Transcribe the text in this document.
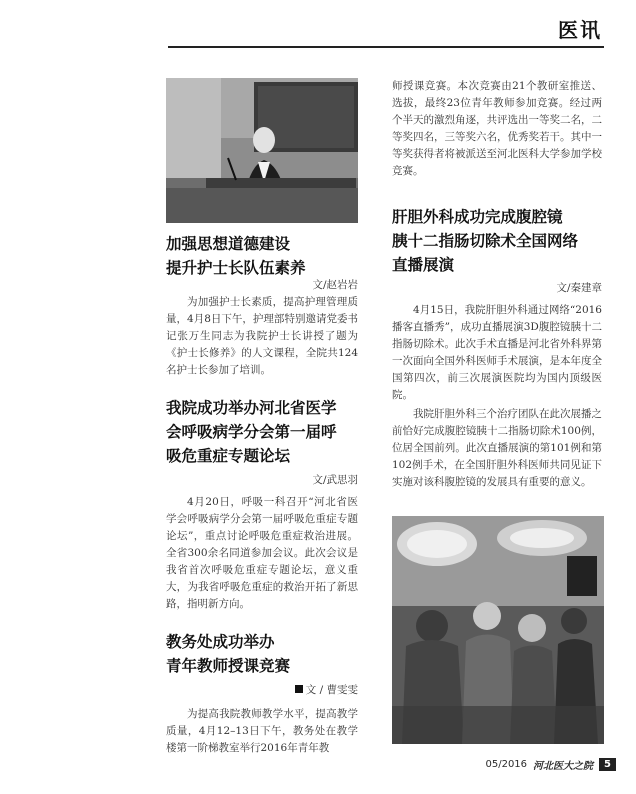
医讯
加强思想道德建设
提升护士长队伍素养
文/赵岩岩
为加强护士长素质，提高护理管理质量，4月8日下午，护理部特别邀请党委书记张万生同志为我院护士长讲授了题为《护士长修养》的人文课程，全院共124名护士长参加了培训。
我院成功举办河北省医学
会呼吸病学分会第一届呼
吸危重症专题论坛
文/武思羽
4月20日，呼吸一科召开“河北省医学会呼吸病学分会第一届呼吸危重症专题论坛”，重点讨论呼吸危重症救治进展。全省300余名同道参加会议。此次会议是我省首次呼吸危重症专题论坛，意义重大，为我省呼吸危重症的救治开拓了新思路，指明新方向。
教务处成功举办
青年教师授课竞赛
文 / 曹雯雯
为提高我院教师教学水平，提高教学质量，4月12–13日下午，教务处在教学楼第一阶梯教室举行2016年青年教
师授课竞赛。本次竞赛由21个教研室推送、选拔，最终23位青年教师参加竞赛。经过两个半天的激烈角逐，共评选出一等奖二名，二等奖四名，三等奖六名，优秀奖若干。其中一等奖获得者将被派送至河北医科大学参加学校竞赛。
肝胆外科成功完成腹腔镜
胰十二指肠切除术全国网络
直播展演
文/秦建章
4月15日，我院肝胆外科通过网络“2016播客直播秀”，成功直播展演3D腹腔镜胰十二指肠切除术。此次手术直播是河北省外科界第一次面向全国外科医师手术展演，是本年度全国第四次，前三次展演医院均为国内顶级医院。
我院肝胆外科三个治疗团队在此次展播之前恰好完成腹腔镜胰十二指肠切除术100例，位居全国前列。此次直播展演的第101例和第102例手术，在全国肝胆外科医师共同见证下实施对该科腹腔镜的发展具有重要的意义。
05/2016 河北医大之院	5
